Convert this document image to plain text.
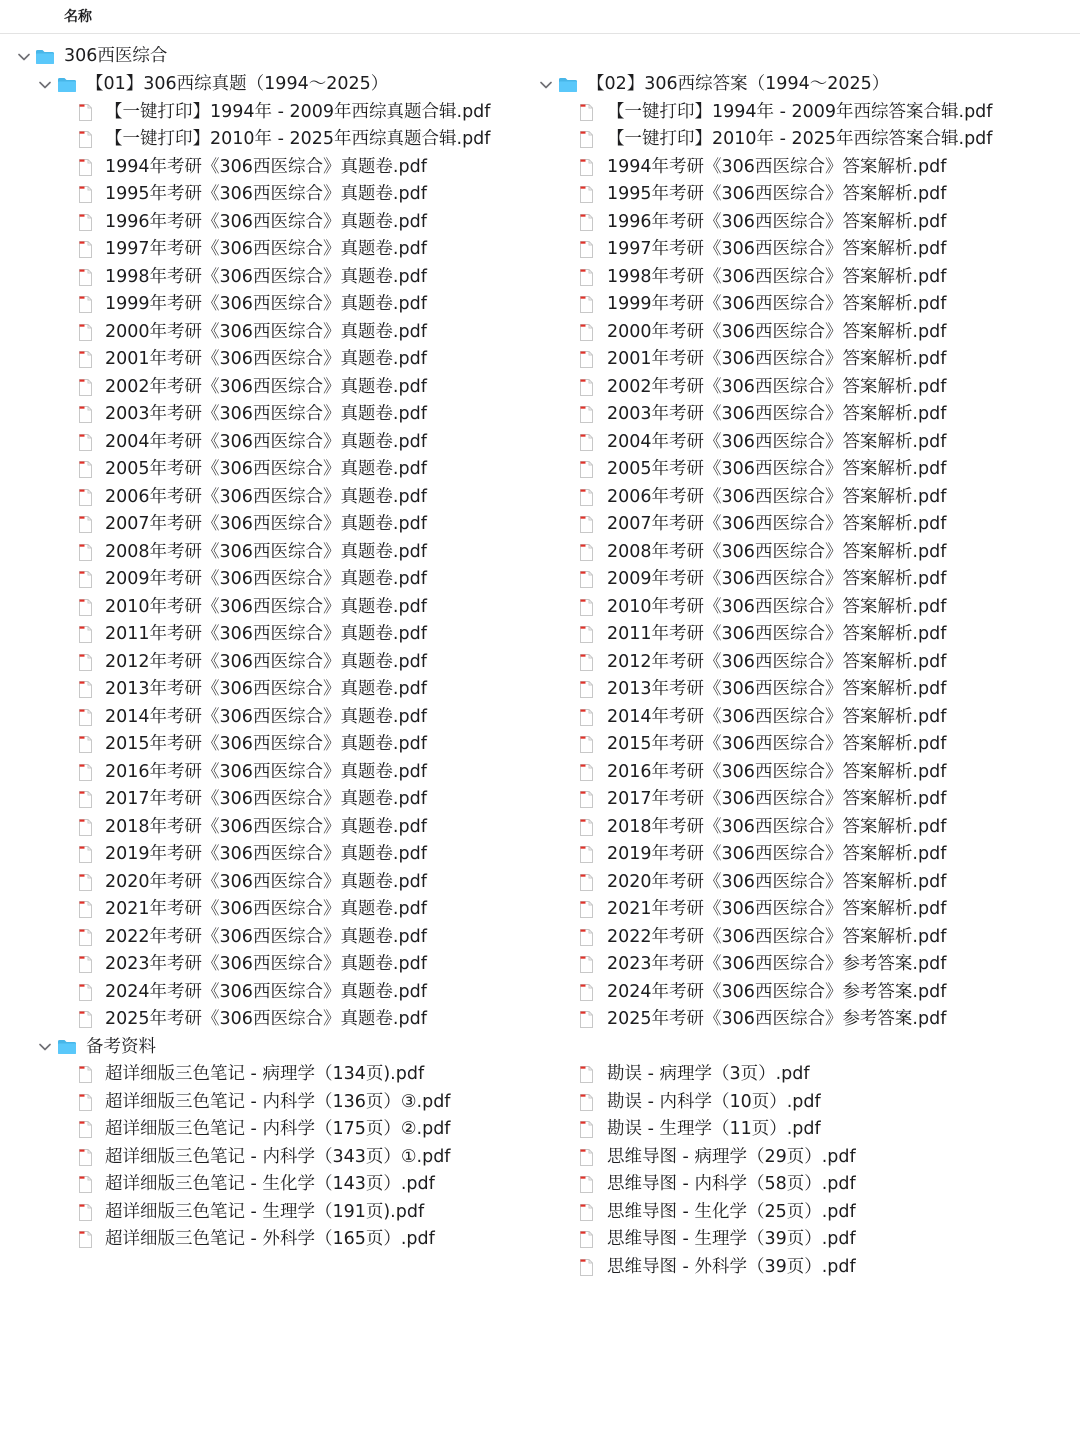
名称
306西医综合
【01】306西综真题（1994～2025）	【02】306西综答案（1994～2025）
【一键打印】1994年 - 2009年西综真题合辑.pdf
【一键打印】2010年 - 2025年西综真题合辑.pdf
1994年考研《306西医综合》真题卷.pdf
1995年考研《306西医综合》真题卷.pdf
1996年考研《306西医综合》真题卷.pdf
1997年考研《306西医综合》真题卷.pdf
1998年考研《306西医综合》真题卷.pdf
1999年考研《306西医综合》真题卷.pdf
2000年考研《306西医综合》真题卷.pdf
2001年考研《306西医综合》真题卷.pdf
2002年考研《306西医综合》真题卷.pdf
2003年考研《306西医综合》真题卷.pdf
2004年考研《306西医综合》真题卷.pdf
2005年考研《306西医综合》真题卷.pdf
2006年考研《306西医综合》真题卷.pdf
2007年考研《306西医综合》真题卷.pdf
2008年考研《306西医综合》真题卷.pdf
2009年考研《306西医综合》真题卷.pdf
2010年考研《306西医综合》真题卷.pdf
2011年考研《306西医综合》真题卷.pdf
2012年考研《306西医综合》真题卷.pdf
2013年考研《306西医综合》真题卷.pdf
2014年考研《306西医综合》真题卷.pdf
2015年考研《306西医综合》真题卷.pdf
2016年考研《306西医综合》真题卷.pdf
2017年考研《306西医综合》真题卷.pdf
2018年考研《306西医综合》真题卷.pdf
2019年考研《306西医综合》真题卷.pdf
2020年考研《306西医综合》真题卷.pdf
2021年考研《306西医综合》真题卷.pdf
2022年考研《306西医综合》真题卷.pdf
2023年考研《306西医综合》真题卷.pdf
2024年考研《306西医综合》真题卷.pdf
2025年考研《306西医综合》真题卷.pdf
【一键打印】1994年 - 2009年西综答案合辑.pdf
【一键打印】2010年 - 2025年西综答案合辑.pdf
1994年考研《306西医综合》答案解析.pdf
1995年考研《306西医综合》答案解析.pdf
1996年考研《306西医综合》答案解析.pdf
1997年考研《306西医综合》答案解析.pdf
1998年考研《306西医综合》答案解析.pdf
1999年考研《306西医综合》答案解析.pdf
2000年考研《306西医综合》答案解析.pdf
2001年考研《306西医综合》答案解析.pdf
2002年考研《306西医综合》答案解析.pdf
2003年考研《306西医综合》答案解析.pdf
2004年考研《306西医综合》答案解析.pdf
2005年考研《306西医综合》答案解析.pdf
2006年考研《306西医综合》答案解析.pdf
2007年考研《306西医综合》答案解析.pdf
2008年考研《306西医综合》答案解析.pdf
2009年考研《306西医综合》答案解析.pdf
2010年考研《306西医综合》答案解析.pdf
2011年考研《306西医综合》答案解析.pdf
2012年考研《306西医综合》答案解析.pdf
2013年考研《306西医综合》答案解析.pdf
2014年考研《306西医综合》答案解析.pdf
2015年考研《306西医综合》答案解析.pdf
2016年考研《306西医综合》答案解析.pdf
2017年考研《306西医综合》答案解析.pdf
2018年考研《306西医综合》答案解析.pdf
2019年考研《306西医综合》答案解析.pdf
2020年考研《306西医综合》答案解析.pdf
2021年考研《306西医综合》答案解析.pdf
2022年考研《306西医综合》答案解析.pdf
2023年考研《306西医综合》参考答案.pdf
2024年考研《306西医综合》参考答案.pdf
2025年考研《306西医综合》参考答案.pdf
备考资料
超详细版三色笔记 - 病理学（134页).pdf
超详细版三色笔记 - 内科学（136页）③.pdf
超详细版三色笔记 - 内科学（175页）②.pdf
超详细版三色笔记 - 内科学（343页）①.pdf
超详细版三色笔记 - 生化学（143页）.pdf
超详细版三色笔记 - 生理学（191页).pdf
超详细版三色笔记 - 外科学（165页）.pdf
勘误 - 病理学（3页）.pdf
勘误 - 内科学（10页）.pdf
勘误 - 生理学（11页）.pdf
思维导图 - 病理学（29页）.pdf
思维导图 - 内科学（58页）.pdf
思维导图 - 生化学（25页）.pdf
思维导图 - 生理学（39页）.pdf
思维导图 - 外科学（39页）.pdf
